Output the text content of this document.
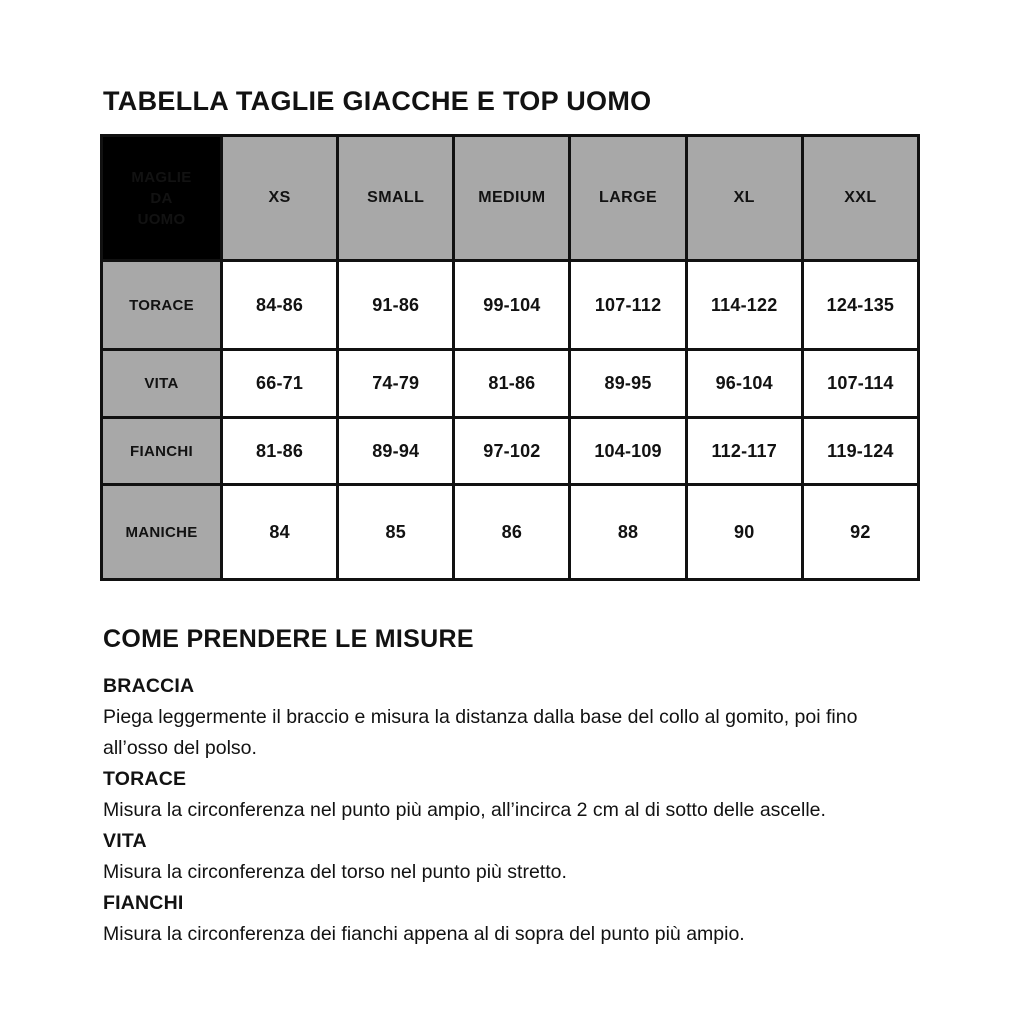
TABELLA TAGLIE GIACCHE E TOP UOMO
MAGLIE
DA
UOMO	XS	SMALL	MEDIUM	LARGE	XL	XXL
TORACE	84-86	91-86	99-104	107-112	114-122	124-135
VITA	66-71	74-79	81-86	89-95	96-104	107-114
FIANCHI	81-86	89-94	97-102	104-109	112-117	119-124
MANICHE	84	85	86	88	90	92
COME PRENDERE LE MISURE
BRACCIA

Piega leggermente il braccio e misura la distanza dalla base del collo al gomito, poi fino all’osso del polso.

TORACE

Misura la circonferenza nel punto più ampio, all’incirca 2 cm al di sotto delle ascelle.

VITA

Misura la circonferenza del torso nel punto più stretto.

FIANCHI

Misura la circonferenza dei fianchi appena al di sopra del punto più ampio.
